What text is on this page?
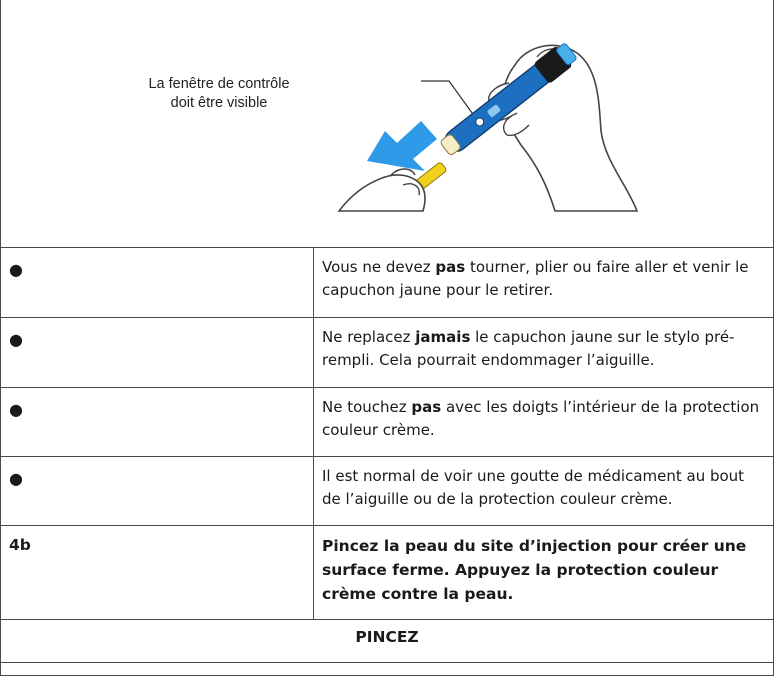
La fenêtre de contrôle
doit être visible
●	Vous ne devez pas tourner, plier ou faire aller et venir le capuchon jaune pour le retirer.
●	Ne replacez jamais le capuchon jaune sur le stylo pré-rempli. Cela pourrait endommager l’aiguille.
●	Ne touchez pas avec les doigts l’intérieur de la protection couleur crème.
●	Il est normal de voir une goutte de médicament au bout de l’aiguille ou de la protection couleur crème.
4b	Pincez la peau du site d’injection pour créer une surface ferme. Appuyez la protection couleur crème contre la peau.
PINCEZ
